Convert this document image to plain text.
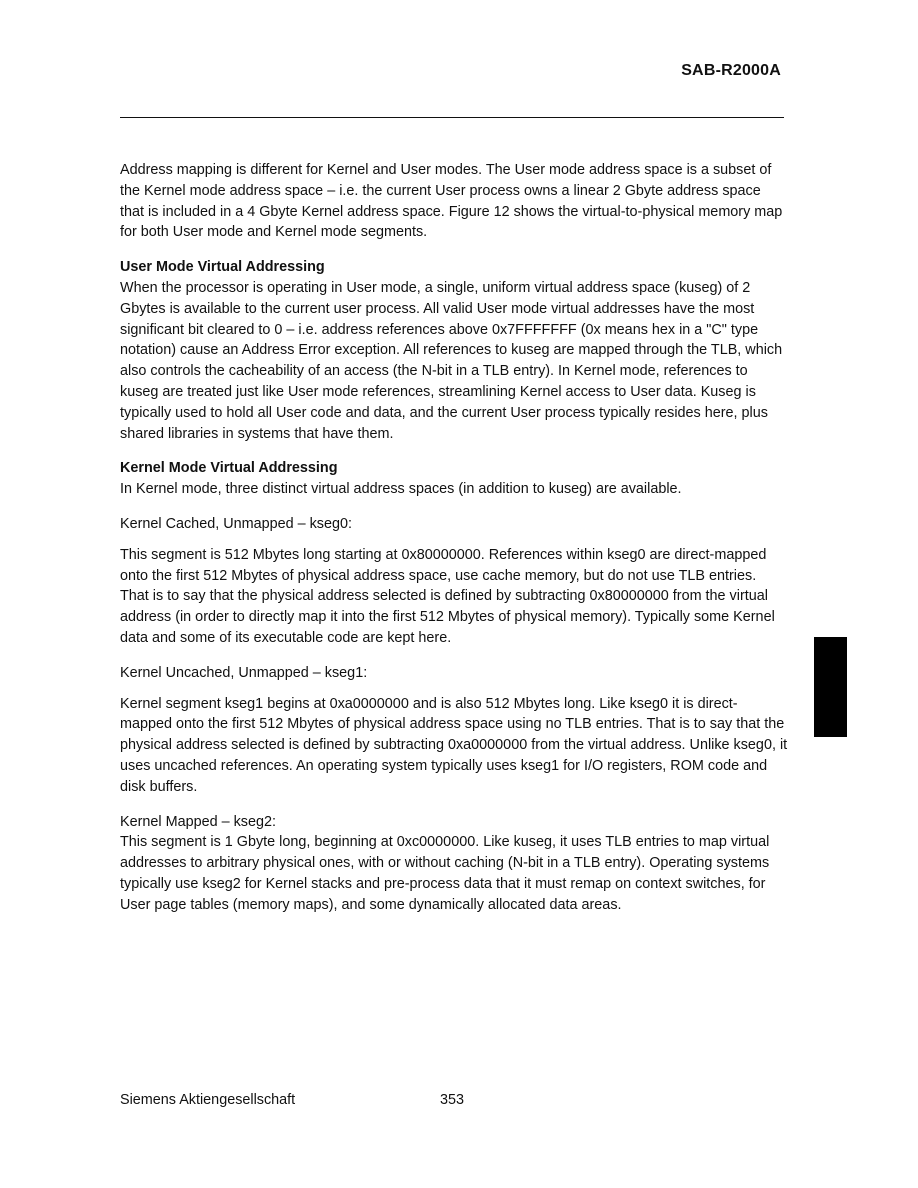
SAB-R2000A

Address mapping is different for Kernel and User modes. The User mode address space is a subset of the Kernel mode address space – i.e. the current User process owns a linear 2 Gbyte address space that is included in a 4 Gbyte Kernel address space. Figure 12 shows the virtual-to-physical memory map for both User mode and Kernel mode segments.

User Mode Virtual Addressing

When the processor is operating in User mode, a single, uniform virtual address space (kuseg) of 2 Gbytes is available to the current user process. All valid User mode virtual addresses have the most significant bit cleared to 0 – i.e. address references above 0x7FFFFFFF (0x means hex in a "C" type notation) cause an Address Error exception. All references to kuseg are mapped through the TLB, which also controls the cacheability of an access (the N-bit in a TLB entry). In Kernel mode, references to kuseg are treated just like User mode references, streamlining Kernel access to User data. Kuseg is typically used to hold all User code and data, and the current User process typically resides here, plus shared libraries in systems that have them.

Kernel Mode Virtual Addressing

In Kernel mode, three distinct virtual address spaces (in addition to kuseg) are available.

Kernel Cached, Unmapped – kseg0:

This segment is 512 Mbytes long starting at 0x80000000. References within kseg0 are direct-mapped onto the first 512 Mbytes of physical address space, use cache memory, but do not use TLB entries. That is to say that the physical address selected is defined by subtracting 0x80000000 from the virtual address (in order to directly map it into the first 512 Mbytes of physical memory). Typically some Kernel data and some of its executable code are kept here.

Kernel Uncached, Unmapped – kseg1:

Kernel segment kseg1 begins at 0xa0000000 and is also 512 Mbytes long. Like kseg0 it is direct-mapped onto the first 512 Mbytes of physical address space using no TLB entries. That is to say that the physical address selected is defined by subtracting 0xa0000000 from the virtual address. Unlike kseg0, it uses uncached references. An operating system typically uses kseg1 for I/O registers, ROM code and disk buffers.

Kernel Mapped – kseg2:

This segment is 1 Gbyte long, beginning at 0xc0000000. Like kuseg, it uses TLB entries to map virtual addresses to arbitrary physical ones, with or without caching (N-bit in a TLB entry). Operating systems typically use kseg2 for Kernel stacks and pre-process data that it must remap on context switches, for User page tables (memory maps), and some dynamically allocated data areas.

Siemens Aktiengesellschaft	353
